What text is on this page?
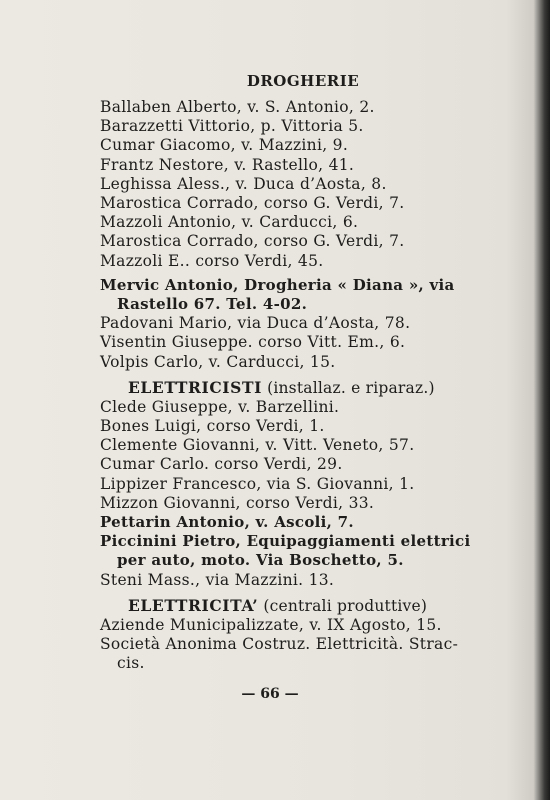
DROGHERIE
Ballaben Alberto, v. S. Antonio, 2.
Barazzetti Vittorio, p. Vittoria 5.
Cumar Giacomo, v. Mazzini, 9.
Frantz Nestore, v. Rastello, 41.
Leghissa Aless., v. Duca d’Aosta, 8.
Marostica Corrado, corso G. Verdi, 7.
Mazzoli Antonio, v. Carducci, 6.
Marostica Corrado, corso G. Verdi, 7.
Mazzoli E.. corso Verdi, 45.
Mervic Antonio, Drogheria « Diana », via
Rastello 67. Tel. 4-02.
Padovani Mario, via Duca d’Aosta, 78.
Visentin Giuseppe. corso Vitt. Em., 6.
Volpis Carlo, v. Carducci, 15.
ELETTRICISTI (installaz. e riparaz.)
Clede Giuseppe, v. Barzellini.
Bones Luigi, corso Verdi, 1.
Clemente Giovanni, v. Vitt. Veneto, 57.
Cumar Carlo. corso Verdi, 29.
Lippizer Francesco, via S. Giovanni, 1.
Mizzon Giovanni, corso Verdi, 33.
Pettarin Antonio, v. Ascoli, 7.
Piccinini Pietro, Equipaggiamenti elettrici
per auto, moto. Via Boschetto, 5.
Steni Mass., via Mazzini. 13.
ELETTRICITA’ (centrali produttive)
Aziende Municipalizzate, v. IX Agosto, 15.
Società Anonima Costruz. Elettricità. Strac-
cis.
— 66 —
